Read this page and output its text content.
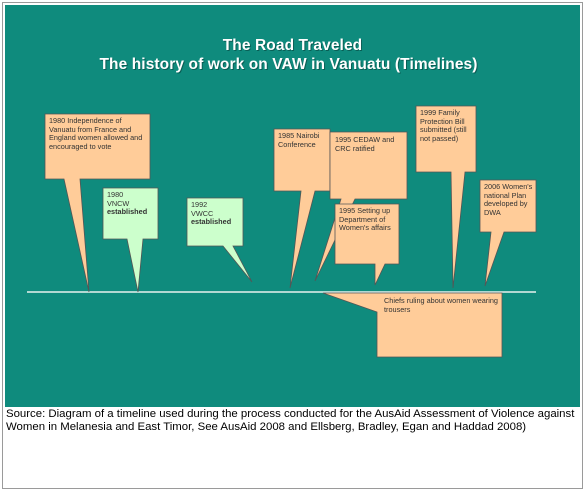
The Road Traveled
The history of work on VAW in Vanuatu (Timelines)
1980 Independence of Vanuatu from France and England women allowed and encouraged to vote
1980
VNCW
established
1992
VWCC
established
1985 Nairobi Conference
1995 CEDAW and CRC ratified
1995 Setting up Department of Women's affairs
1999 Family Protection Bill submitted (still not passed)
2006 Women's national Plan developed by DWA
Chiefs ruling about women wearing trousers
Source: Diagram of a timeline used during the process conducted for the AusAid Assessment of Violence against Women in Melanesia and East Timor, See AusAid 2008 and Ellsberg, Bradley, Egan and Haddad 2008)
